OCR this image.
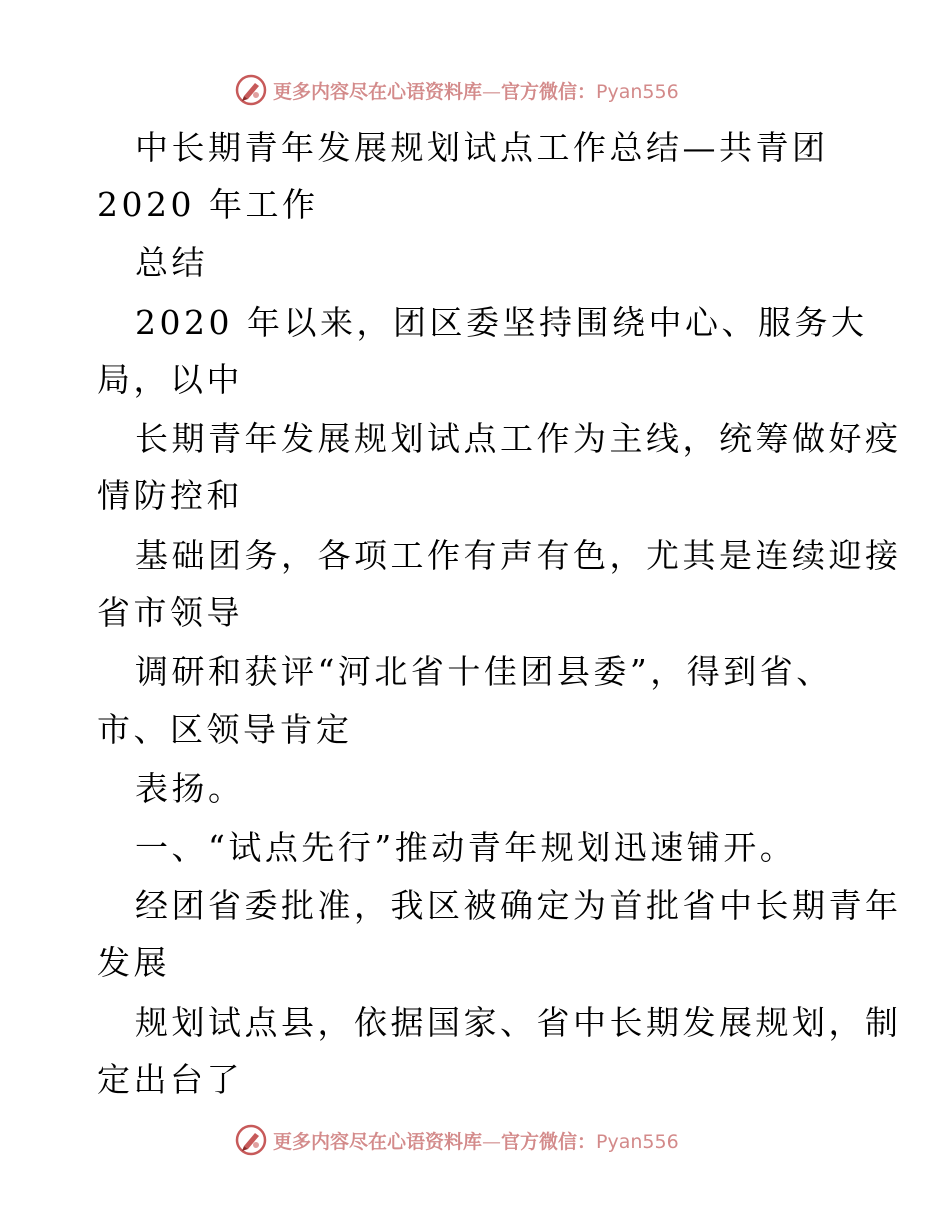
更多内容尽在心语资料库—官方微信：Pyan556

中长期青年发展规划试点工作总结—共青团

2020 年工作

总结

2020 年以来，团区委坚持围绕中心、服务大

局，以中

长期青年发展规划试点工作为主线，统筹做好疫

情防控和

基础团务，各项工作有声有色，尤其是连续迎接

省市领导

调研和获评“河北省十佳团县委”，得到省、

市、区领导肯定

表扬。

一、“试点先行”推动青年规划迅速铺开。

经团省委批准，我区被确定为首批省中长期青年

发展

规划试点县，依据国家、省中长期发展规划，制

定出台了

更多内容尽在心语资料库—官方微信：Pyan556
